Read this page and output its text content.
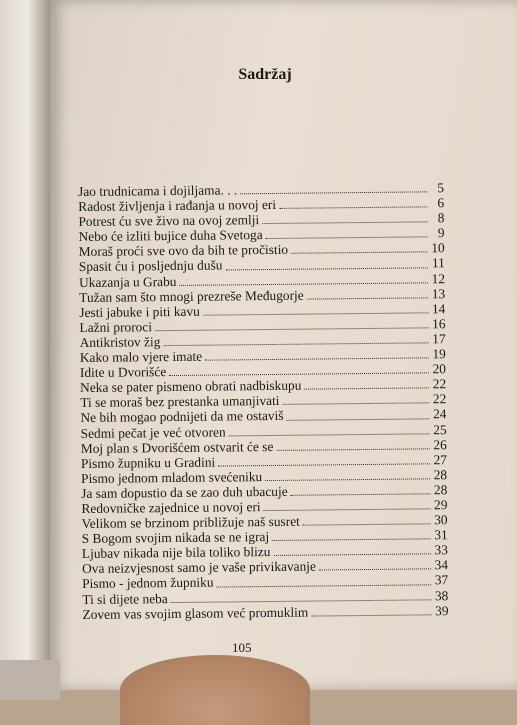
Sadržaj
Jao trudnicama i dojiljama. . .	5
Radost življenja i rađanja u novoj eri	6
Potrest ću sve živo na ovoj zemlji	8
Nebo će izliti bujice duha Svetoga	9
Moraš proći sve ovo da bih te pročistio	10
Spasit ću i posljednju dušu	11
Ukazanja u Grabu	12
Tužan sam što mnogi prezreše Međugorje	13
Jesti jabuke i piti kavu	14
Lažni proroci	16
Antikristov žig	17
Kako malo vjere imate	19
Idite u Dvorišće	20
Neka se pater pismeno obrati nadbiskupu	22
Ti se moraš bez prestanka umanjivati	22
Ne bih mogao podnijeti da me ostaviš	24
Sedmi pečat je već otvoren	25
Moj plan s Dvorišćem ostvarit će se	26
Pismo župniku u Gradini	27
Pismo jednom mladom svećeniku	28
Ja sam dopustio da se zao duh ubacuje	28
Redovničke zajednice u novoj eri	29
Velikom se brzinom približuje naš susret	30
S Bogom svojim nikada se ne igraj	31
Ljubav nikada nije bila toliko blizu	33
Ova neizvjesnost samo je vaše privikavanje	34
Pismo - jednom župniku	37
Ti si dijete neba	38
Zovem vas svojim glasom već promuklim	39
105
